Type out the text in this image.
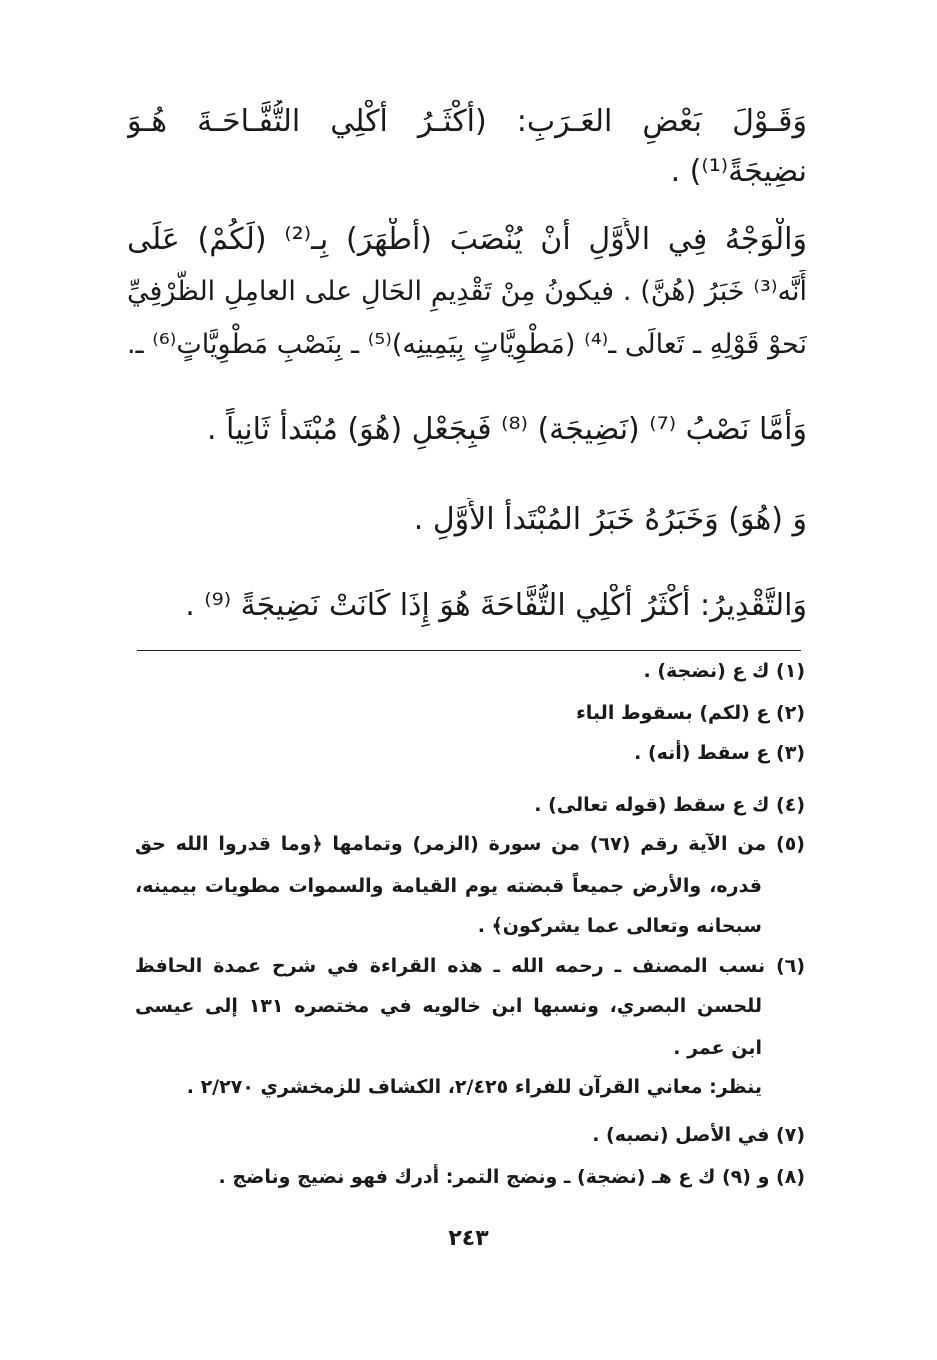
وَقَـوْلَ بَعْضِ العَـرَبِ: (أَكْثَـرُ أَكْلِي التُّفَّـاحَـةَ هُـوَ
نضِيجَةً⁽¹⁾) .
وَالْوَجْهُ فِي الأَوَّلِ أَنْ يُنْصَبَ (أَطْهَرَ) بِـ⁽²⁾ (لَكُمْ) عَلَى
أَنَّه⁽³⁾ خَبَرُ (هُنَّ) . فيكونُ مِنْ تَقْدِيمِ الحَالِ على العامِلِ الظَّرْفِيِّ
نَحوْ قَوْلِهِ ـ تَعالَى ـ⁽⁴⁾ (مَطْوِيَّاتٍ بِيَمِينِه)⁽⁵⁾ ـ بِنَصْبِ مَطْوِيَّاتٍ⁽⁶⁾ ـ.
وَأَمَّا نَصْبُ ⁽⁷⁾ (نَضِيجَة) ⁽⁸⁾ فَبِجَعْلِ (هُوَ) مُبْتَدأً ثَانِياً .
وَ (هُوَ) وَخَبَرُهُ خَبَرُ المُبْتَدأ الأَوَّلِ .
وَالتَّقْدِيرُ: أَكْثَرُ أَكْلِي التُّفَّاحَةَ هُوَ إِذَا كَانَتْ نَضِيجَةً ⁽⁹⁾ .
(١) ك ع (نضجة) .
(٢) ع (لكم) بسقوط الباء
(٣) ع سقط (أنه) .
(٤) ك ع سقط (قوله تعالى) .
(٥) من الآية رقم (٦٧) من سورة (الزمر) وتمامها ﴿وما قدروا الله حق
قدره، والأرض جميعاً قبضته يوم القيامة والسموات مطويات بيمينه،
سبحانه وتعالى عما يشركون﴾ .
(٦) نسب المصنف ـ رحمه الله ـ هذه القراءة في شرح عمدة الحافظ
للحسن البصري، ونسبها ابن خالويه في مختصره ١٣١ إلى عيسى
ابن عمر .
ينظر: معاني القرآن للفراء ٢/٤٢٥، الكشاف للزمخشري ٢/٢٧٠ .
(٧) في الأصل (نصبه) .
(٨) و (٩) ك ع هـ (نضجة) ـ ونضج التمر: أدرك فهو نضيج وناضج .
٢٤٣
